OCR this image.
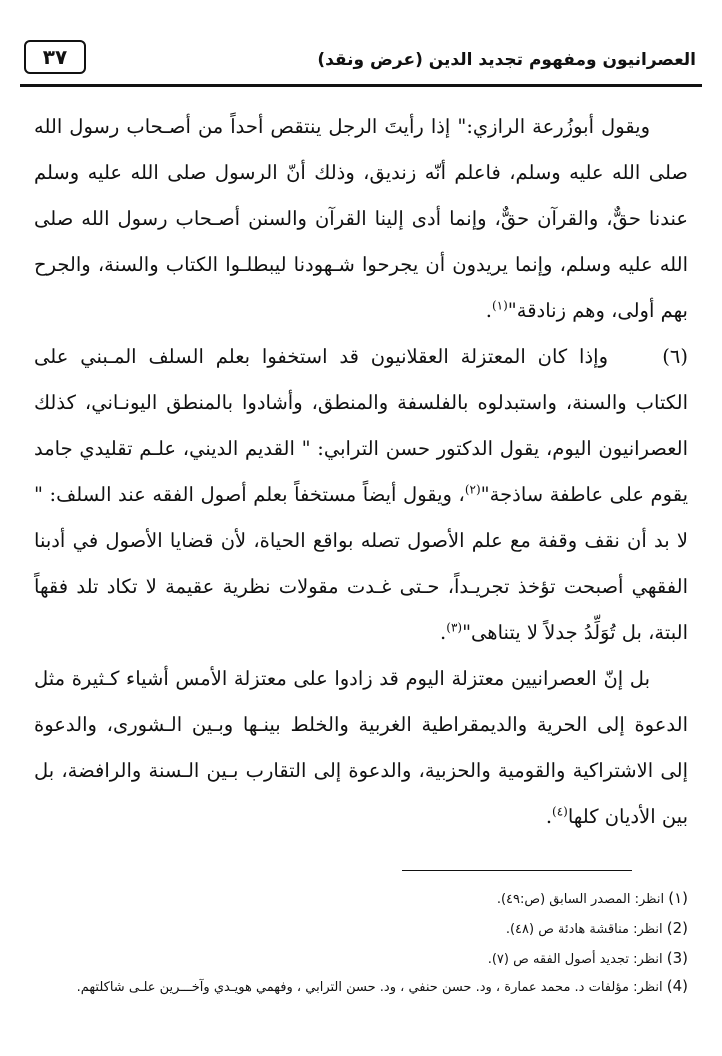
العصرانيون ومفهوم تجديد الدين (عرض ونقد)
٣٧

ويقول أبوزُرعة الرازي:" إذا رأيتَ الرجل ينتقص أحداً من أصـحاب رسول الله صلى الله عليه وسلم، فاعلم أنّه زنديق، وذلك أنّ الرسول صلى الله عليه وسلم عندنا حقٌّ، والقرآن حقٌّ، وإنما أدى إلينا القرآن والسنن أصـحاب رسول الله صلى الله عليه وسلم، وإنما يريدون أن يجرحوا شـهودنا ليبطلـوا الكتاب والسنة، والجرح بهم أولى، وهم زنادقة"$^{(١)}$.

(٦)وإذا كان المعتزلة العقلانيون قد استخفوا بعلم السلف المـبني على الكتاب والسنة، واستبدلوه بالفلسفة والمنطق، وأشادوا بالمنطق اليونـاني، كذلك العصرانيون اليوم، يقول الدكتور حسن الترابي: " القديم الديني، علـم تقليدي جامد يقوم على عاطفة ساذجة"$^{(٢)}$، ويقول أيضاً مستخفاً بعلم أصول الفقه عند السلف: " لا بد أن نقف وقفة مع علم الأصول تصله بواقع الحياة، لأن قضايا الأصول في أدبنا الفقهي أصبحت تؤخذ تجريـداً، حـتى غـدت مقولات نظرية عقيمة لا تكاد تلد فقهاً البتة، بل تُوَلِّدُ جدلاً لا يتناهى"$^{(٣)}$.

بل إنّ العصرانيين معتزلة اليوم قد زادوا على معتزلة الأمس أشياء كـثيرة مثل الدعوة إلى الحرية والديمقراطية الغربية والخلط بينـها وبـين الـشورى، والدعوة إلى الاشتراكية والقومية والحزبية، والدعوة إلى التقارب بـين الـسنة والرافضة، بل بين الأديان كلها$^{(٤)}$.

(١) انظر: المصدر السابق (ص:٤٩).

(2) انظر: مناقشة هادئة ص (٤٨).

(3) انظر: تجديد أصول الفقه ص (٧).

(4) انظر: مؤلفات د. محمد عمارة ، ود. حسن حنفي ، ود. حسن الترابي ، وفهمي هويـدي وآخـــرين علـى شاكلتهم.
